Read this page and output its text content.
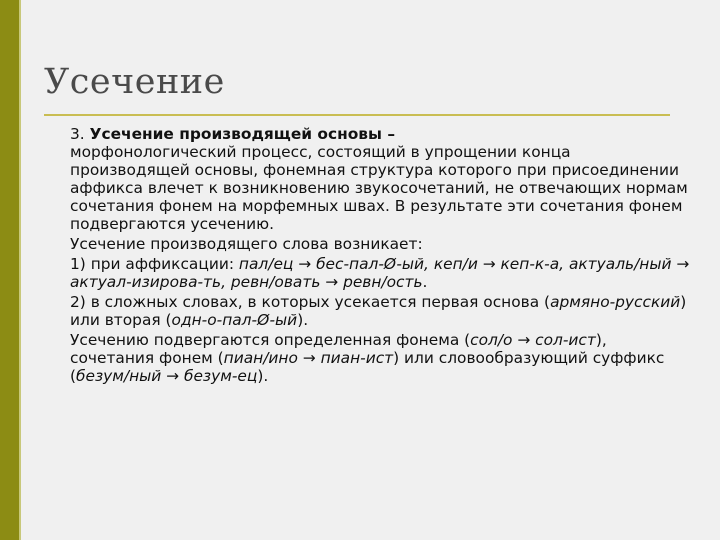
Усечение

3. Усечение производящей основы –
морфонологический процесс, состоящий в упрощении конца производящей основы, фонемная структура которого при присоединении аффикса влечет к возникновению звукосочетаний, не отвечающих нормам сочетания фонем на морфемных швах. В результате эти сочетания фонем подвергаются усечению.

Усечение производящего слова возникает:

1) при аффиксации: пал/ец → бес-пал-Ø-ый, кеп/и → кеп-к-а, актуаль/ный → актуал-изирова-ть, ревн/овать → ревн/ость.

2) в сложных словах, в которых усекается первая основа (армяно-русский) или вторая (одн-о-пал-Ø-ый).

Усечению подвергаются определенная фонема (сол/о → сол-ист), сочетания фонем (пиан/ино → пиан-ист) или словообразующий суффикс (безум/ный → безум-ец).
